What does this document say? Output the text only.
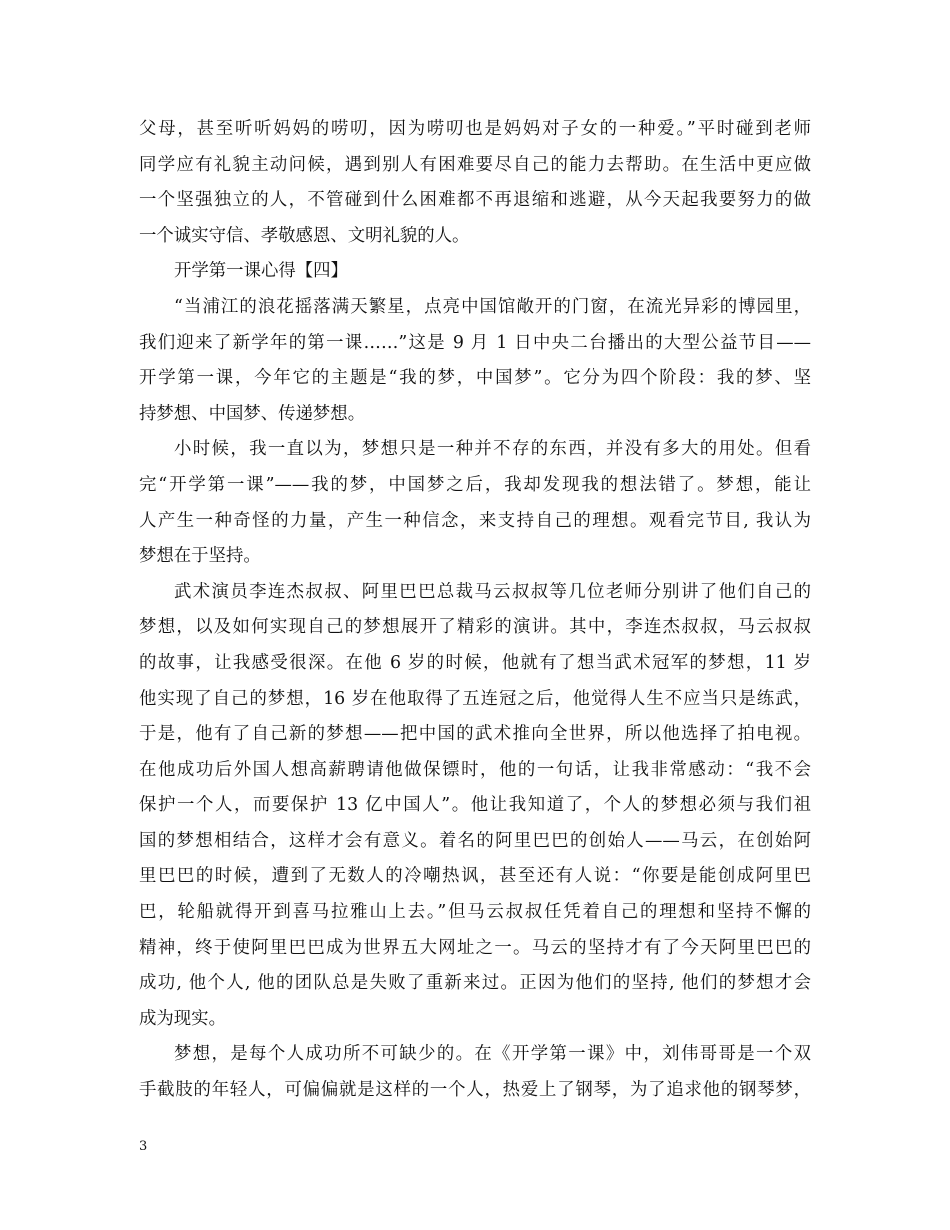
父母，甚至听听妈妈的唠叨，因为唠叨也是妈妈对子女的一种爱。”平时碰到老师
同学应有礼貌主动问候，遇到别人有困难要尽自己的能力去帮助。在生活中更应做
一个坚强独立的人，不管碰到什么困难都不再退缩和逃避，从今天起我要努力的做
一个诚实守信、孝敬感恩、文明礼貌的人。
开学第一课心得【四】
“当浦江的浪花摇落满天繁星，点亮中国馆敞开的门窗，在流光异彩的博园里，
我们迎来了新学年的第一课……”这是 9 月 1 日中央二台播出的大型公益节目——
开学第一课，今年它的主题是“我的梦，中国梦”。它分为四个阶段：我的梦、坚
持梦想、中国梦、传递梦想。
小时候，我一直以为，梦想只是一种并不存的东西，并没有多大的用处。但看
完“开学第一课”——我的梦，中国梦之后，我却发现我的想法错了。梦想，能让
人产生一种奇怪的力量，产生一种信念，来支持自己的理想。观看完节目, 我认为
梦想在于坚持。
武术演员李连杰叔叔、阿里巴巴总裁马云叔叔等几位老师分别讲了他们自己的
梦想，以及如何实现自己的梦想展开了精彩的演讲。其中，李连杰叔叔，马云叔叔
的故事，让我感受很深。在他 6 岁的时候，他就有了想当武术冠军的梦想，11 岁
他实现了自己的梦想，16 岁在他取得了五连冠之后，他觉得人生不应当只是练武，
于是，他有了自己新的梦想——把中国的武术推向全世界，所以他选择了拍电视。
在他成功后外国人想高薪聘请他做保镖时，他的一句话，让我非常感动：“我不会
保护一个人，而要保护 13 亿中国人”。他让我知道了，个人的梦想必须与我们祖
国的梦想相结合，这样才会有意义。着名的阿里巴巴的创始人——马云，在创始阿
里巴巴的时候，遭到了无数人的冷嘲热讽，甚至还有人说：“你要是能创成阿里巴
巴，轮船就得开到喜马拉雅山上去。”但马云叔叔任凭着自己的理想和坚持不懈的
精神，终于使阿里巴巴成为世界五大网址之一。马云的坚持才有了今天阿里巴巴的
成功, 他个人, 他的团队总是失败了重新来过。正因为他们的坚持, 他们的梦想才会
成为现实。
梦想，是每个人成功所不可缺少的。在《开学第一课》中，刘伟哥哥是一个双
手截肢的年轻人，可偏偏就是这样的一个人，热爱上了钢琴，为了追求他的钢琴梦，
3
